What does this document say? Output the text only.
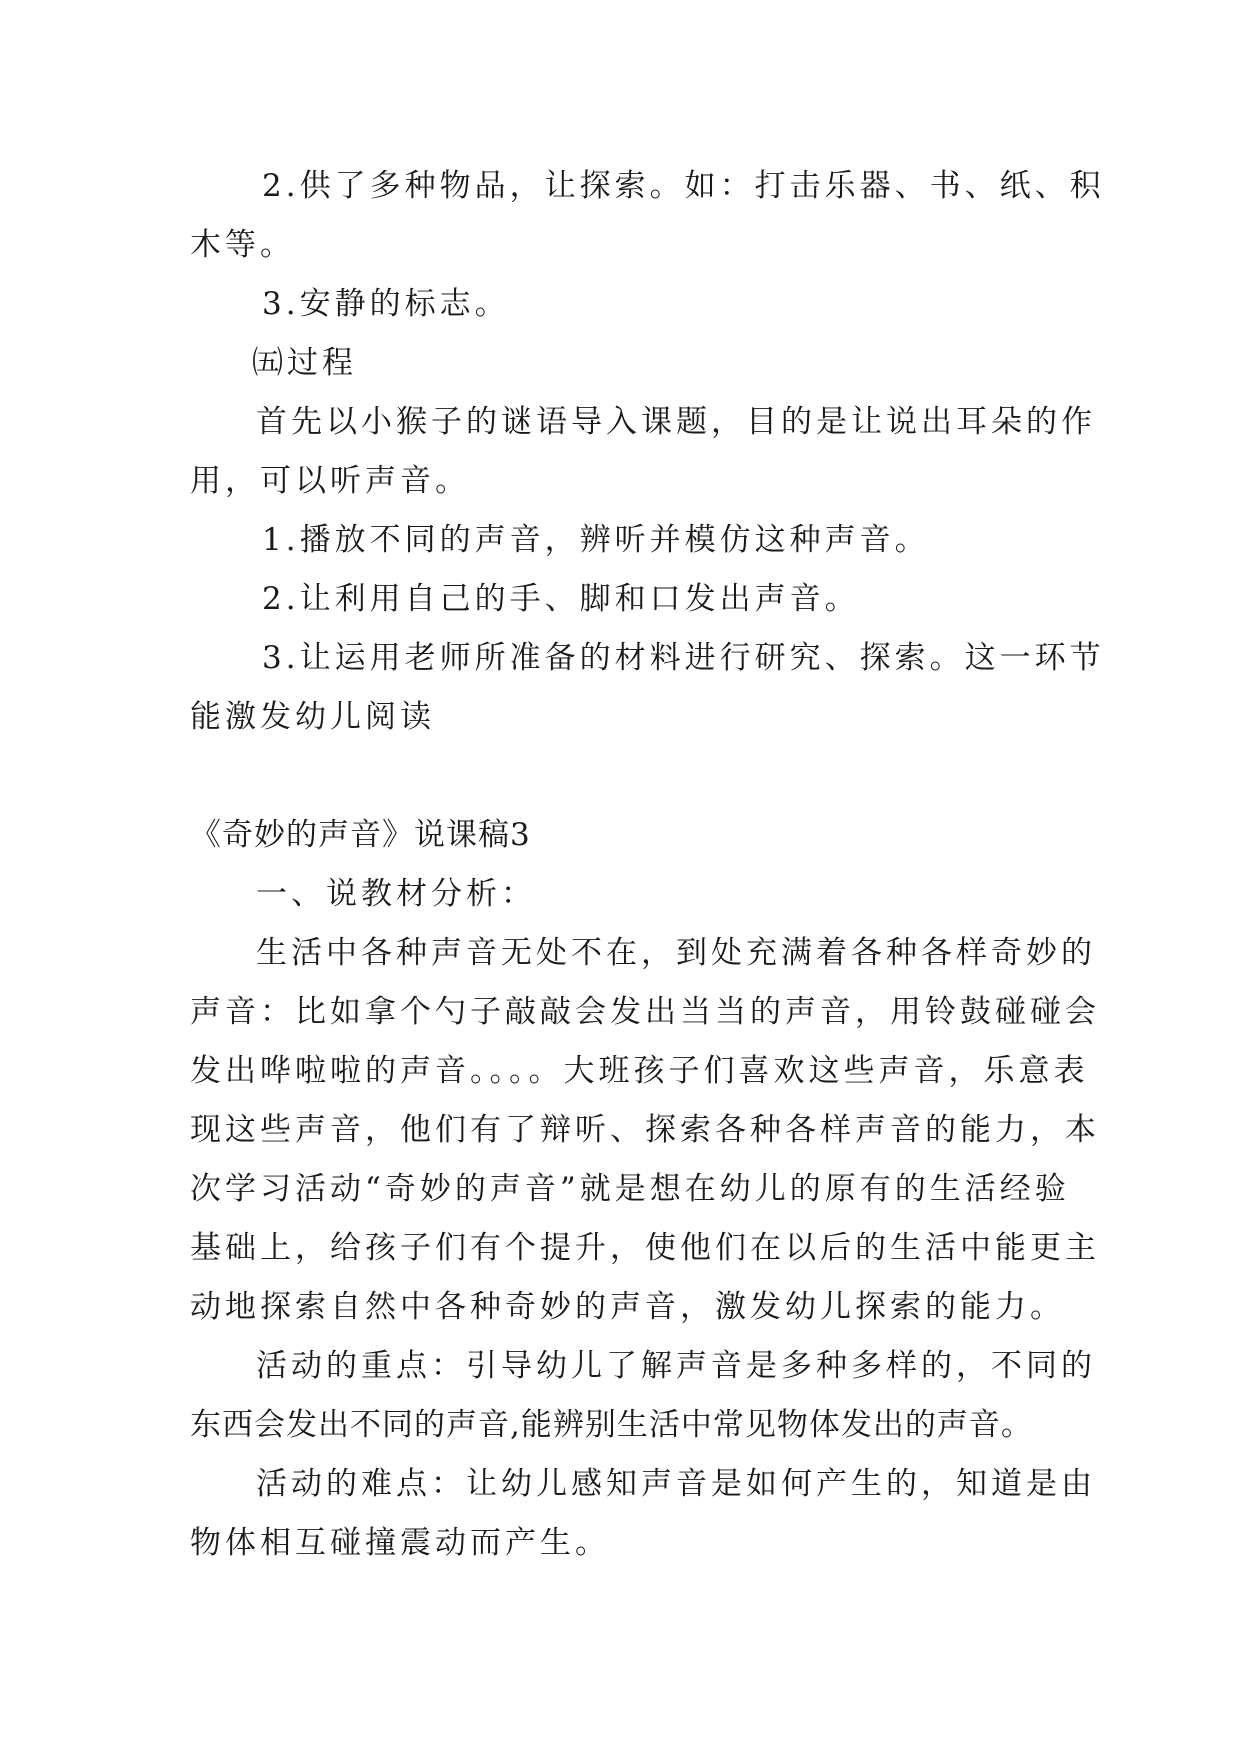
2.供了多种物品，让探索。如：打击乐器、书、纸、积
木等。
3.安静的标志。
㈤过程
首先以小猴子的谜语导入课题，目的是让说出耳朵的作
用，可以听声音。
1.播放不同的声音，辨听并模仿这种声音。
2.让利用自己的手、脚和口发出声音。
3.让运用老师所准备的材料进行研究、探索。这一环节
能激发幼儿阅读
《奇妙的声音》说课稿3
一、说教材分析：
生活中各种声音无处不在，到处充满着各种各样奇妙的
声音：比如拿个勺子敲敲会发出当当的声音，用铃鼓碰碰会
发出哗啦啦的声音。。。。大班孩子们喜欢这些声音，乐意表
现这些声音，他们有了辩听、探索各种各样声音的能力，本
次学习活动“奇妙的声音”就是想在幼儿的原有的生活经验
基础上，给孩子们有个提升，使他们在以后的生活中能更主
动地探索自然中各种奇妙的声音，激发幼儿探索的能力。
活动的重点：引导幼儿了解声音是多种多样的，不同的
东西会发出不同的声音,能辨别生活中常见物体发出的声音。
活动的难点：让幼儿感知声音是如何产生的，知道是由
物体相互碰撞震动而产生。
